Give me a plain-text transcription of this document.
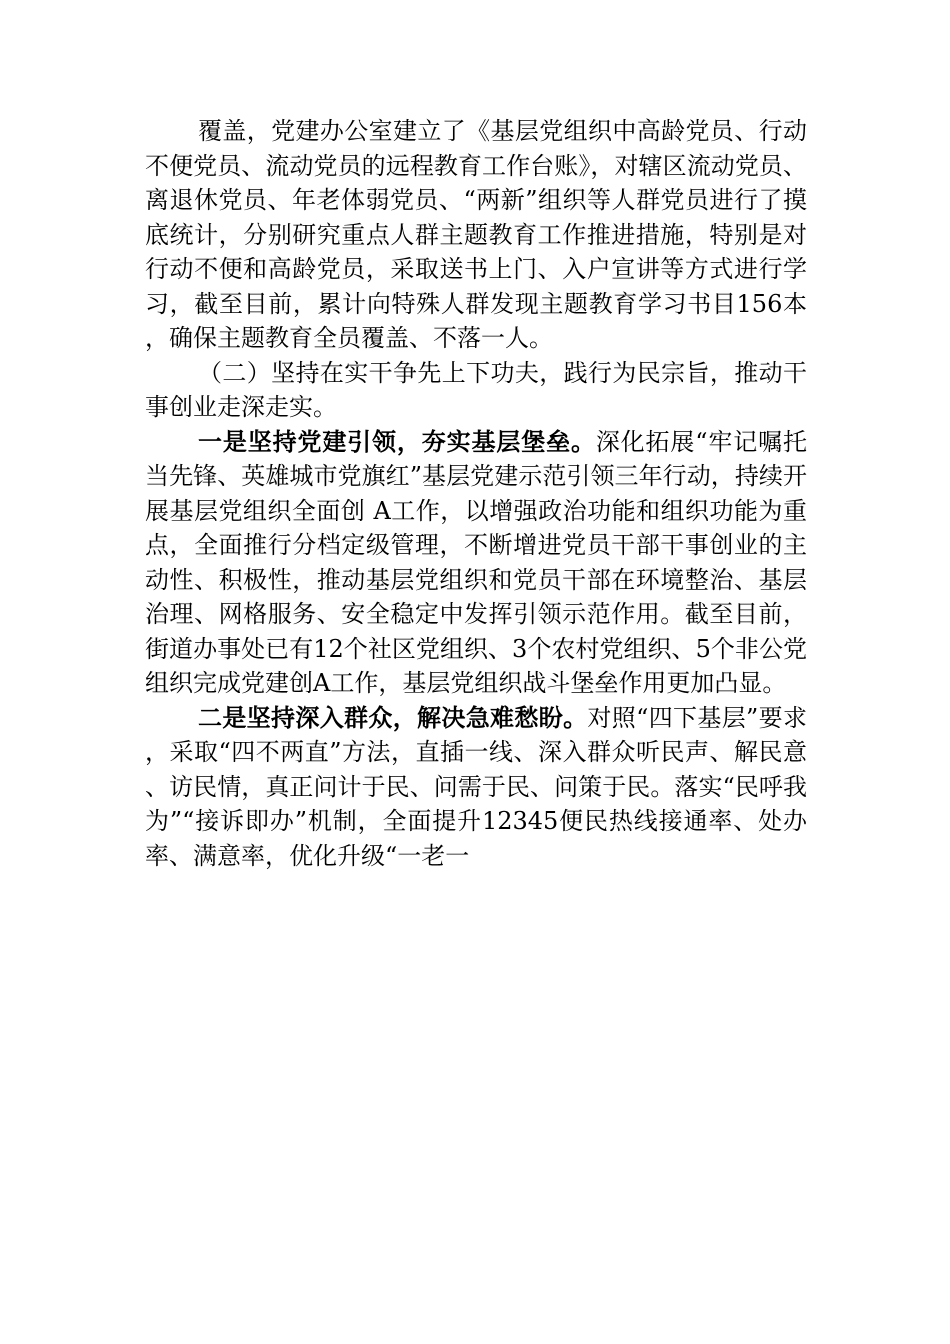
覆盖，党建办公室建立了《基层党组织中高龄党员、行动不便党员、流动党员的远程教育工作台账》，对辖区流动党员、离退休党员、年老体弱党员、“两新”组织等人群党员进行了摸底统计，分别研究重点人群主题教育工作推进措施，特别是对行动不便和高龄党员，采取送书上门、入户宣讲等方式进行学习，截至目前，累计向特殊人群发现主题教育学习书目156本，确保主题教育全员覆盖、不落一人。

（二）坚持在实干争先上下功夫，践行为民宗旨，推动干事创业走深走实。

一是坚持党建引领，夯实基层堡垒。深化拓展“牢记嘱托当先锋、英雄城市党旗红”基层党建示范引领三年行动，持续开展基层党组织全面创 A工作，以增强政治功能和组织功能为重点，全面推行分档定级管理，不断增进党员干部干事创业的主动性、积极性，推动基层党组织和党员干部在环境整治、基层治理、网格服务、安全稳定中发挥引领示范作用。截至目前，街道办事处已有12个社区党组织、3个农村党组织、5个非公党组织完成党建创A工作，基层党组织战斗堡垒作用更加凸显。

二是坚持深入群众，解决急难愁盼。对照“四下基层”要求，采取“四不两直”方法，直插一线、深入群众听民声、解民意、访民情，真正问计于民、问需于民、问策于民。落实“民呼我为”“接诉即办”机制，全面提升12345便民热线接通率、处办率、满意率，优化升级“一老一
